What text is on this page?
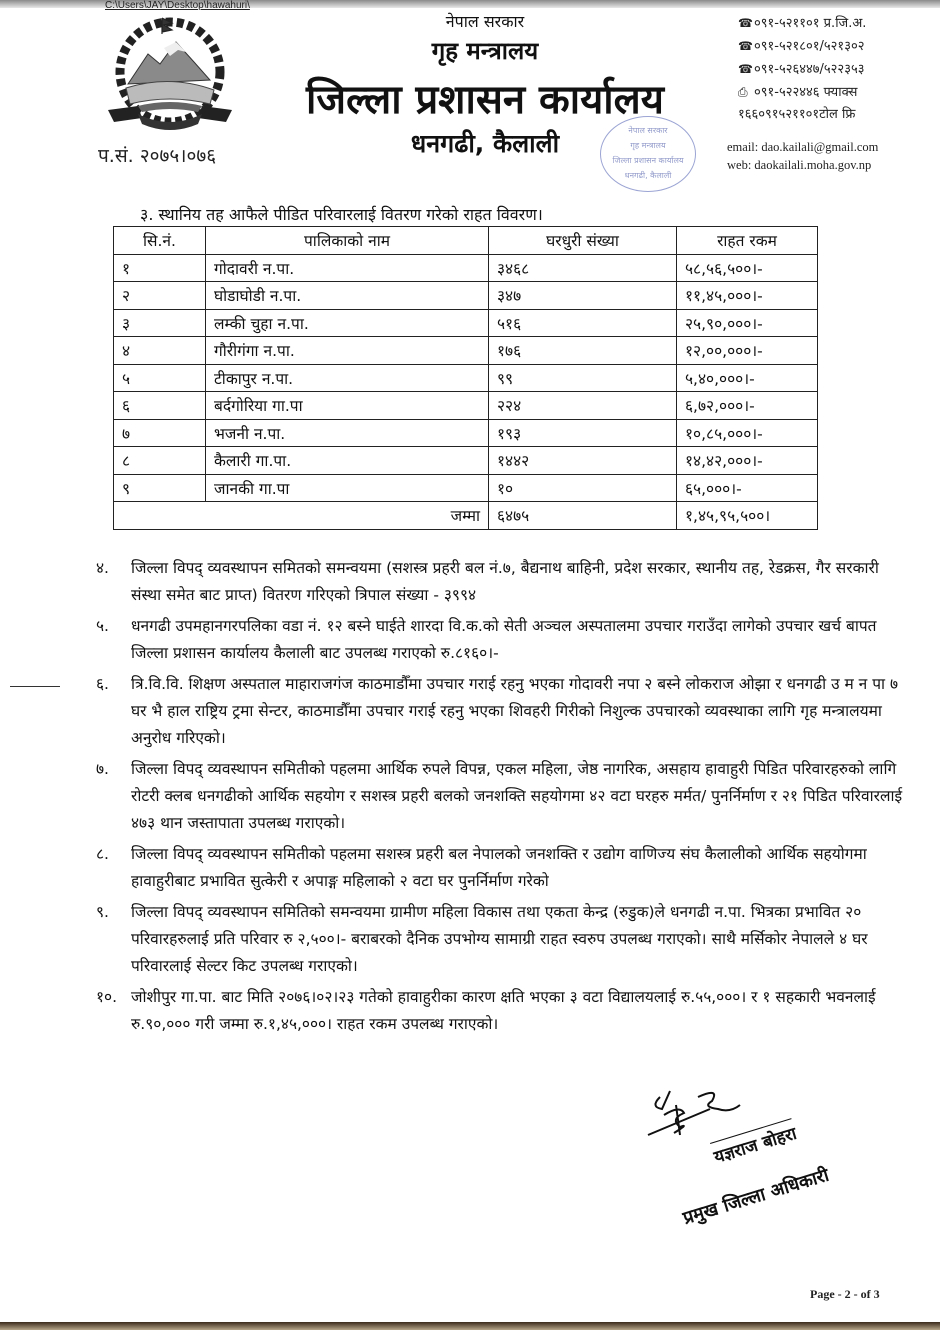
C:\Users\JAY\Desktop\hawahuri\
प.सं. २०७५।०७६
नेपाल सरकार
गृह मन्त्रालय
जिल्ला प्रशासन कार्यालय
धनगढी, कैलाली	नेपाल सरकार
गृह मन्त्रालय
जिल्ला प्रशासन कार्यालय
धनगढी, कैलाली
☎०९१-५२११०१ प्र.जि.अ.
☎०९१-५२१८०१/५२१३०२
☎०९१-५२६४४७/५२२३५३
⎙ ०९१-५२२४४६ फ्याक्स
१६६०९१५२११०१टोल फ्रि
email: dao.kailali@gmail.com
web: daokailali.moha.gov.np
३. स्थानिय तह आफैले पीडित परिवारलाई वितरण गरेको राहत विवरण।
सि.नं.	पालिकाको नाम	घरधुरी संख्या	राहत रकम
१	गोदावरी न.पा.	३४६८	५८,५६,५००।-
२	घोडाघोडी न.पा.	३४७	११,४५,०००।-
३	लम्की चुहा न.पा.	५१६	२५,९०,०००।-
४	गौरीगंगा न.पा.	१७६	१२,००,०००।-
५	टीकापुर न.पा.	९९	५,४०,०००।-
६	बर्दगोरिया गा.पा	२२४	६,७२,०००।-
७	भजनी न.पा.	१९३	१०,८५,०००।-
८	कैलारी गा.पा.	१४४२	१४,४२,०००।-
९	जानकी गा.पा	१०	६५,०००।-
जम्मा		६४७५	१,४५,९५,५००।
४.	जिल्ला विपद् व्यवस्थापन समितको समन्वयमा (सशस्त्र प्रहरी बल नं.७, बैद्यनाथ बाहिनी, प्रदेश सरकार, स्थानीय तह, रेडक्रस, गैर सरकारी संस्था समेत बाट प्राप्त) वितरण गरिएको त्रिपाल संख्या - ३९९४
५.	धनगढी उपमहानगरपलिका वडा नं. १२ बस्ने घाईते शारदा वि.क.को सेती अञ्चल अस्पतालमा उपचार गराउँदा लागेको उपचार खर्च बापत जिल्ला प्रशासन कार्यालय कैलाली बाट उपलब्ध गराएको रु.८१६०।-
६.	त्रि.वि.वि. शिक्षण अस्पताल माहाराजगंज काठमाडौँमा उपचार गराई रहनु भएका गोदावरी नपा २ बस्ने लोकराज ओझा र धनगढी उ म न पा ७ घर भै हाल राष्ट्रिय ट्रमा सेन्टर, काठमाडौँमा उपचार गराई रहनु भएका शिवहरी गिरीको निशुल्क उपचारको व्यवस्थाका लागि गृह मन्त्रालयमा अनुरोध गरिएको।
७.	जिल्ला विपद् व्यवस्थापन समितीको पहलमा आर्थिक रुपले विपन्न, एकल महिला, जेष्ठ नागरिक, असहाय हावाहुरी पिडित परिवारहरुको लागि रोटरी क्लब धनगढीको आर्थिक सहयोग र सशस्त्र प्रहरी बलको जनशक्ति सहयोगमा ४२ वटा घरहरु मर्मत/ पुनर्निर्माण र २१ पिडित परिवारलाई ४७३ थान जस्तापाता उपलब्ध गराएको।
८.	जिल्ला विपद् व्यवस्थापन समितीको पहलमा सशस्त्र प्रहरी बल नेपालको जनशक्ति र उद्योग वाणिज्य संघ कैलालीको आर्थिक सहयोगमा हावाहुरीबाट प्रभावित सुत्केरी र अपाङ्ग महिलाको २ वटा घर पुनर्निर्माण गरेको
९.	जिल्ला विपद् व्यवस्थापन समितिको समन्वयमा ग्रामीण महिला विकास तथा एकता केन्द्र (रुडुक)ले धनगढी न.पा. भित्रका प्रभावित २० परिवारहरुलाई प्रति परिवार रु २,५००।- बराबरको दैनिक उपभोग्य सामाग्री राहत स्वरुप उपलब्ध गराएको। साथै मर्सिकोर नेपालले ४ घर परिवारलाई सेल्टर किट उपलब्ध गराएको।
१०. जोशीपुर गा.पा. बाट मिति २०७६।०२।२३ गतेको हावाहुरीका कारण क्षति भएका ३ वटा विद्यालयलाई रु.५५,०००। र १ सहकारी भवनलाई रु.९०,००० गरी जम्मा रु.१,४५,०००। राहत रकम उपलब्ध गराएको।
यज्ञराज बोहरा
प्रमुख जिल्ला अधिकारी
Page - 2 - of 3
